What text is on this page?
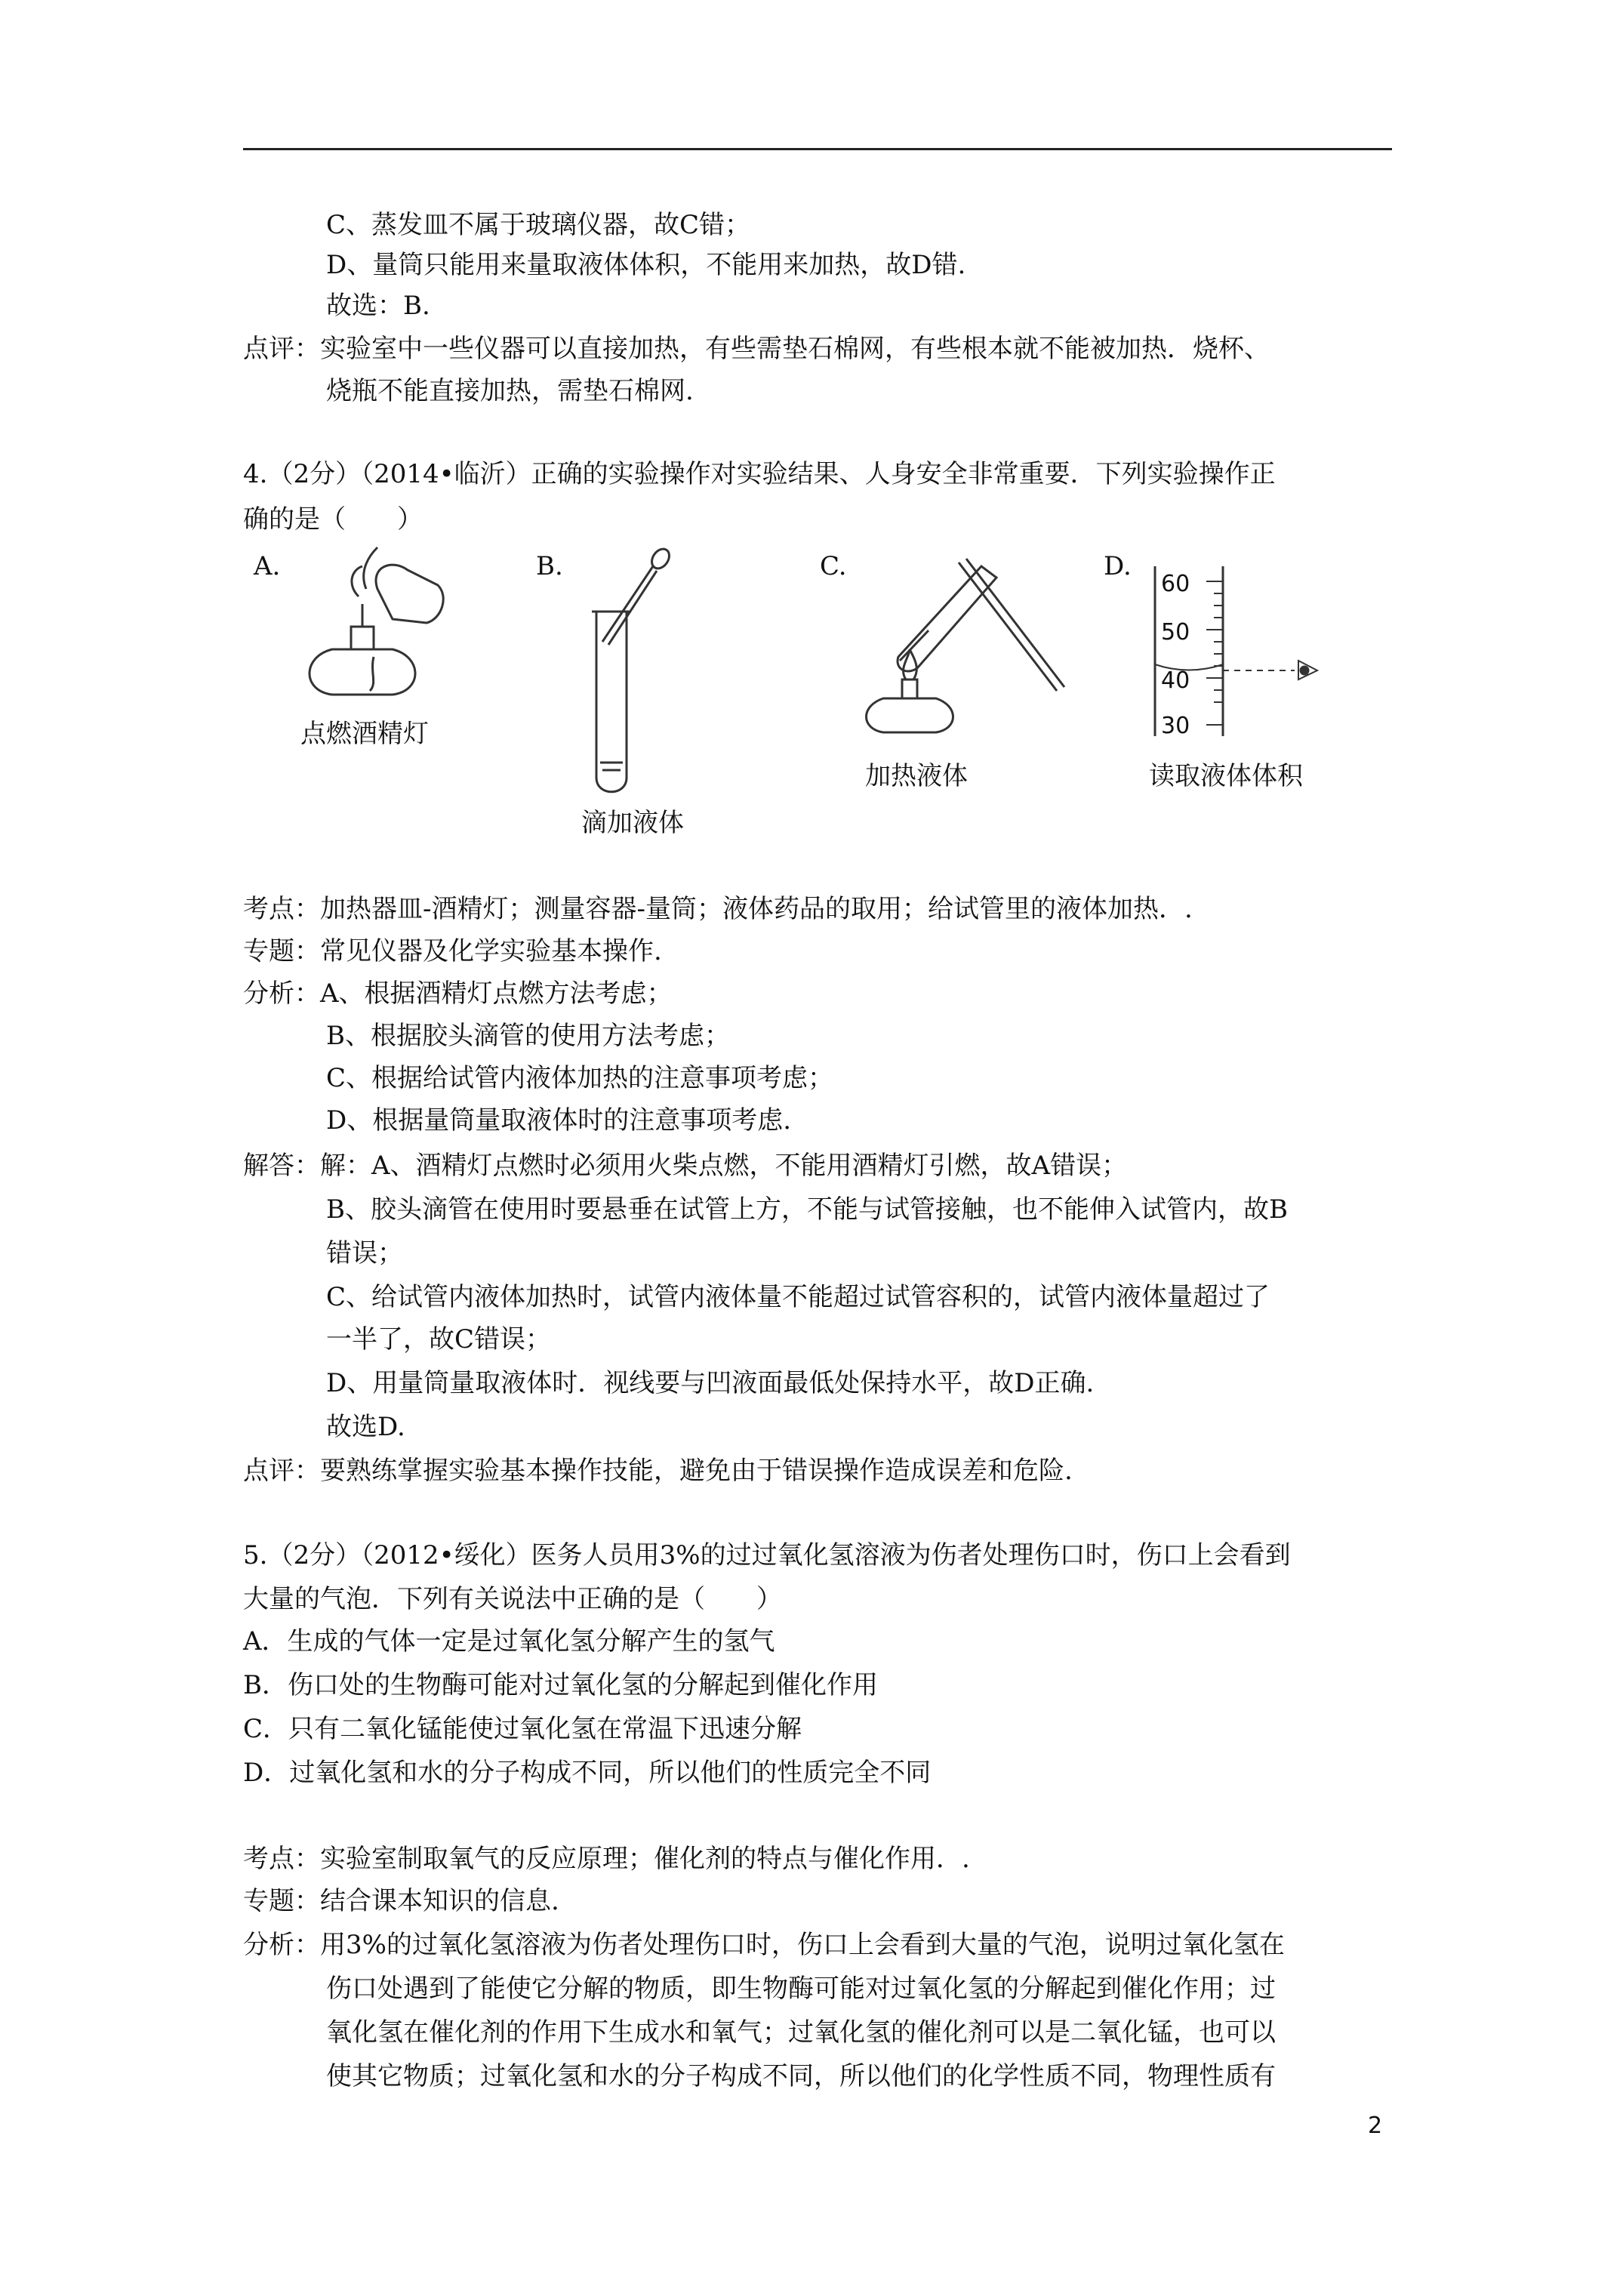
C、蒸发皿不属于玻璃仪器，故C错；
D、量筒只能用来量取液体体积，不能用来加热，故D错.
故选：B.
点评：实验室中一些仪器可以直接加热，有些需垫石棉网，有些根本就不能被加热．烧杯、
烧瓶不能直接加热，需垫石棉网.
4.（2分）（2014•临沂）正确的实验操作对实验结果、人身安全非常重要．下列实验操作正
确的是（　　）
A.	B.	C.	D.
点燃酒精灯
滴加液体
加热液体
60
50
40
30
读取液体体积
考点：加热器皿-酒精灯；测量容器-量筒；液体药品的取用；给试管里的液体加热．.
专题：常见仪器及化学实验基本操作.
分析：A、根据酒精灯点燃方法考虑；
B、根据胶头滴管的使用方法考虑；
C、根据给试管内液体加热的注意事项考虑；
D、根据量筒量取液体时的注意事项考虑.
解答：解：A、酒精灯点燃时必须用火柴点燃，不能用酒精灯引燃，故A错误；
B、胶头滴管在使用时要悬垂在试管上方，不能与试管接触，也不能伸入试管内，故B
错误；
C、给试管内液体加热时，试管内液体量不能超过试管容积的，试管内液体量超过了
一半了，故C错误；
D、用量筒量取液体时．视线要与凹液面最低处保持水平，故D正确.
故选D.
点评：要熟练掌握实验基本操作技能，避免由于错误操作造成误差和危险.
5.（2分）（2012•绥化）医务人员用3%的过过氧化氢溶液为伤者处理伤口时，伤口上会看到
大量的气泡．下列有关说法中正确的是（　　）
A．生成的气体一定是过氧化氢分解产生的氢气
B．伤口处的生物酶可能对过氧化氢的分解起到催化作用
C．只有二氧化锰能使过氧化氢在常温下迅速分解
D．过氧化氢和水的分子构成不同，所以他们的性质完全不同
考点：实验室制取氧气的反应原理；催化剂的特点与催化作用．.
专题：结合课本知识的信息.
分析：用3%的过氧化氢溶液为伤者处理伤口时，伤口上会看到大量的气泡，说明过氧化氢在
伤口处遇到了能使它分解的物质，即生物酶可能对过氧化氢的分解起到催化作用；过
氧化氢在催化剂的作用下生成水和氧气；过氧化氢的催化剂可以是二氧化锰，也可以
使其它物质；过氧化氢和水的分子构成不同，所以他们的化学性质不同，物理性质有
2
